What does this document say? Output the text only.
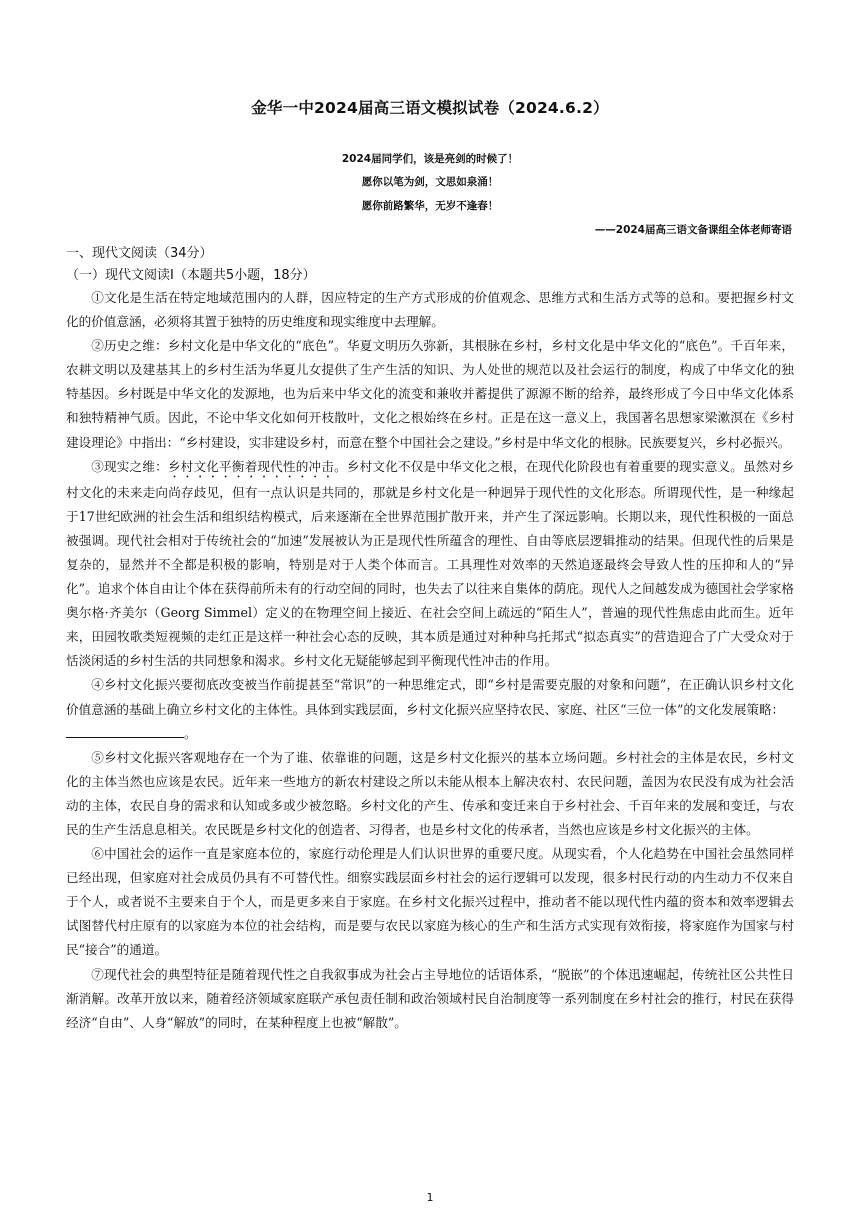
金华一中2024届高三语文模拟试卷（2024.6.2）
2024届同学们，该是亮剑的时候了！
愿你以笔为剑，文思如泉涌！
愿你前路繁华，无岁不逢春！
——2024届高三语文备课组全体老师寄语
一、现代文阅读（34分）
（一）现代文阅读Ⅰ（本题共5小题，18分）

①文化是生活在特定地域范围内的人群，因应特定的生产方式形成的价值观念、思维方式和生活方式等的总和。要把握乡村文化的价值意涵，必须将其置于独特的历史维度和现实维度中去理解。

②历史之维：乡村文化是中华文化的“底色”。华夏文明历久弥新，其根脉在乡村，乡村文化是中华文化的“底色”。千百年来，农耕文明以及建基其上的乡村生活为华夏儿女提供了生产生活的知识、为人处世的规范以及社会运行的制度，构成了中华文化的独特基因。乡村既是中华文化的发源地，也为后来中华文化的流变和兼收并蓄提供了源源不断的给养，最终形成了今日中华文化体系和独特精神气质。因此，不论中华文化如何开枝散叶，文化之根始终在乡村。正是在这一意义上，我国著名思想家梁漱溟在《乡村建设理论》中指出：“乡村建设，实非建设乡村，而意在整个中国社会之建设。”乡村是中华文化的根脉。民族要复兴，乡村必振兴。

③现实之维：乡村文化平衡着现代性的冲击。乡村文化不仅是中华文化之根，在现代化阶段也有着重要的现实意义。虽然对乡村文化的未来走向尚存歧见，但有一点认识是共同的，那就是乡村文化是一种迥异于现代性的文化形态。所谓现代性，是一种缘起于17世纪欧洲的社会生活和组织结构模式，后来逐渐在全世界范围扩散开来，并产生了深远影响。长期以来，现代性积极的一面总被强调。现代社会相对于传统社会的“加速”发展被认为正是现代性所蕴含的理性、自由等底层逻辑推动的结果。但现代性的后果是复杂的，显然并不全都是积极的影响，特别是对于人类个体而言。工具理性对效率的天然追逐最终会导致人性的压抑和人的“异化”。追求个体自由让个体在获得前所未有的行动空间的同时，也失去了以往来自集体的荫庇。现代人之间越发成为德国社会学家格奥尔格·齐美尔（Georg Simmel）定义的在物理空间上接近、在社会空间上疏远的“陌生人”，普遍的现代性焦虑由此而生。近年来，田园牧歌类短视频的走红正是这样一种社会心态的反映，其本质是通过对种种乌托邦式“拟态真实”的营造迎合了广大受众对于恬淡闲适的乡村生活的共同想象和渴求。乡村文化无疑能够起到平衡现代性冲击的作用。

④乡村文化振兴要彻底改变被当作前提甚至“常识”的一种思维定式，即“乡村是需要克服的对象和问题”，在正确认识乡村文化价值意涵的基础上确立乡村文化的主体性。具体到实践层面，乡村文化振兴应坚持农民、家庭、社区“三位一体”的文化发展策略：

。

⑤乡村文化振兴客观地存在一个为了谁、依靠谁的问题，这是乡村文化振兴的基本立场问题。乡村社会的主体是农民，乡村文化的主体当然也应该是农民。近年来一些地方的新农村建设之所以未能从根本上解决农村、农民问题，盖因为农民没有成为社会活动的主体，农民自身的需求和认知或多或少被忽略。乡村文化的产生、传承和变迁来自于乡村社会、千百年来的发展和变迁，与农民的生产生活息息相关。农民既是乡村文化的创造者、习得者，也是乡村文化的传承者，当然也应该是乡村文化振兴的主体。

⑥中国社会的运作一直是家庭本位的，家庭行动伦理是人们认识世界的重要尺度。从现实看，个人化趋势在中国社会虽然同样已经出现，但家庭对社会成员仍具有不可替代性。细察实践层面乡村社会的运行逻辑可以发现，很多村民行动的内生动力不仅来自于个人，或者说不主要来自于个人，而是更多来自于家庭。在乡村文化振兴过程中，推动者不能以现代性内蕴的资本和效率逻辑去试图替代村庄原有的以家庭为本位的社会结构，而是要与农民以家庭为核心的生产和生活方式实现有效衔接，将家庭作为国家与村民“接合”的通道。

⑦现代社会的典型特征是随着现代性之自我叙事成为社会占主导地位的话语体系，“脱嵌”的个体迅速崛起，传统社区公共性日渐消解。改革开放以来，随着经济领域家庭联产承包责任制和政治领域村民自治制度等一系列制度在乡村社会的推行，村民在获得经济“自由”、人身“解放”的同时，在某种程度上也被“解散”。

1
